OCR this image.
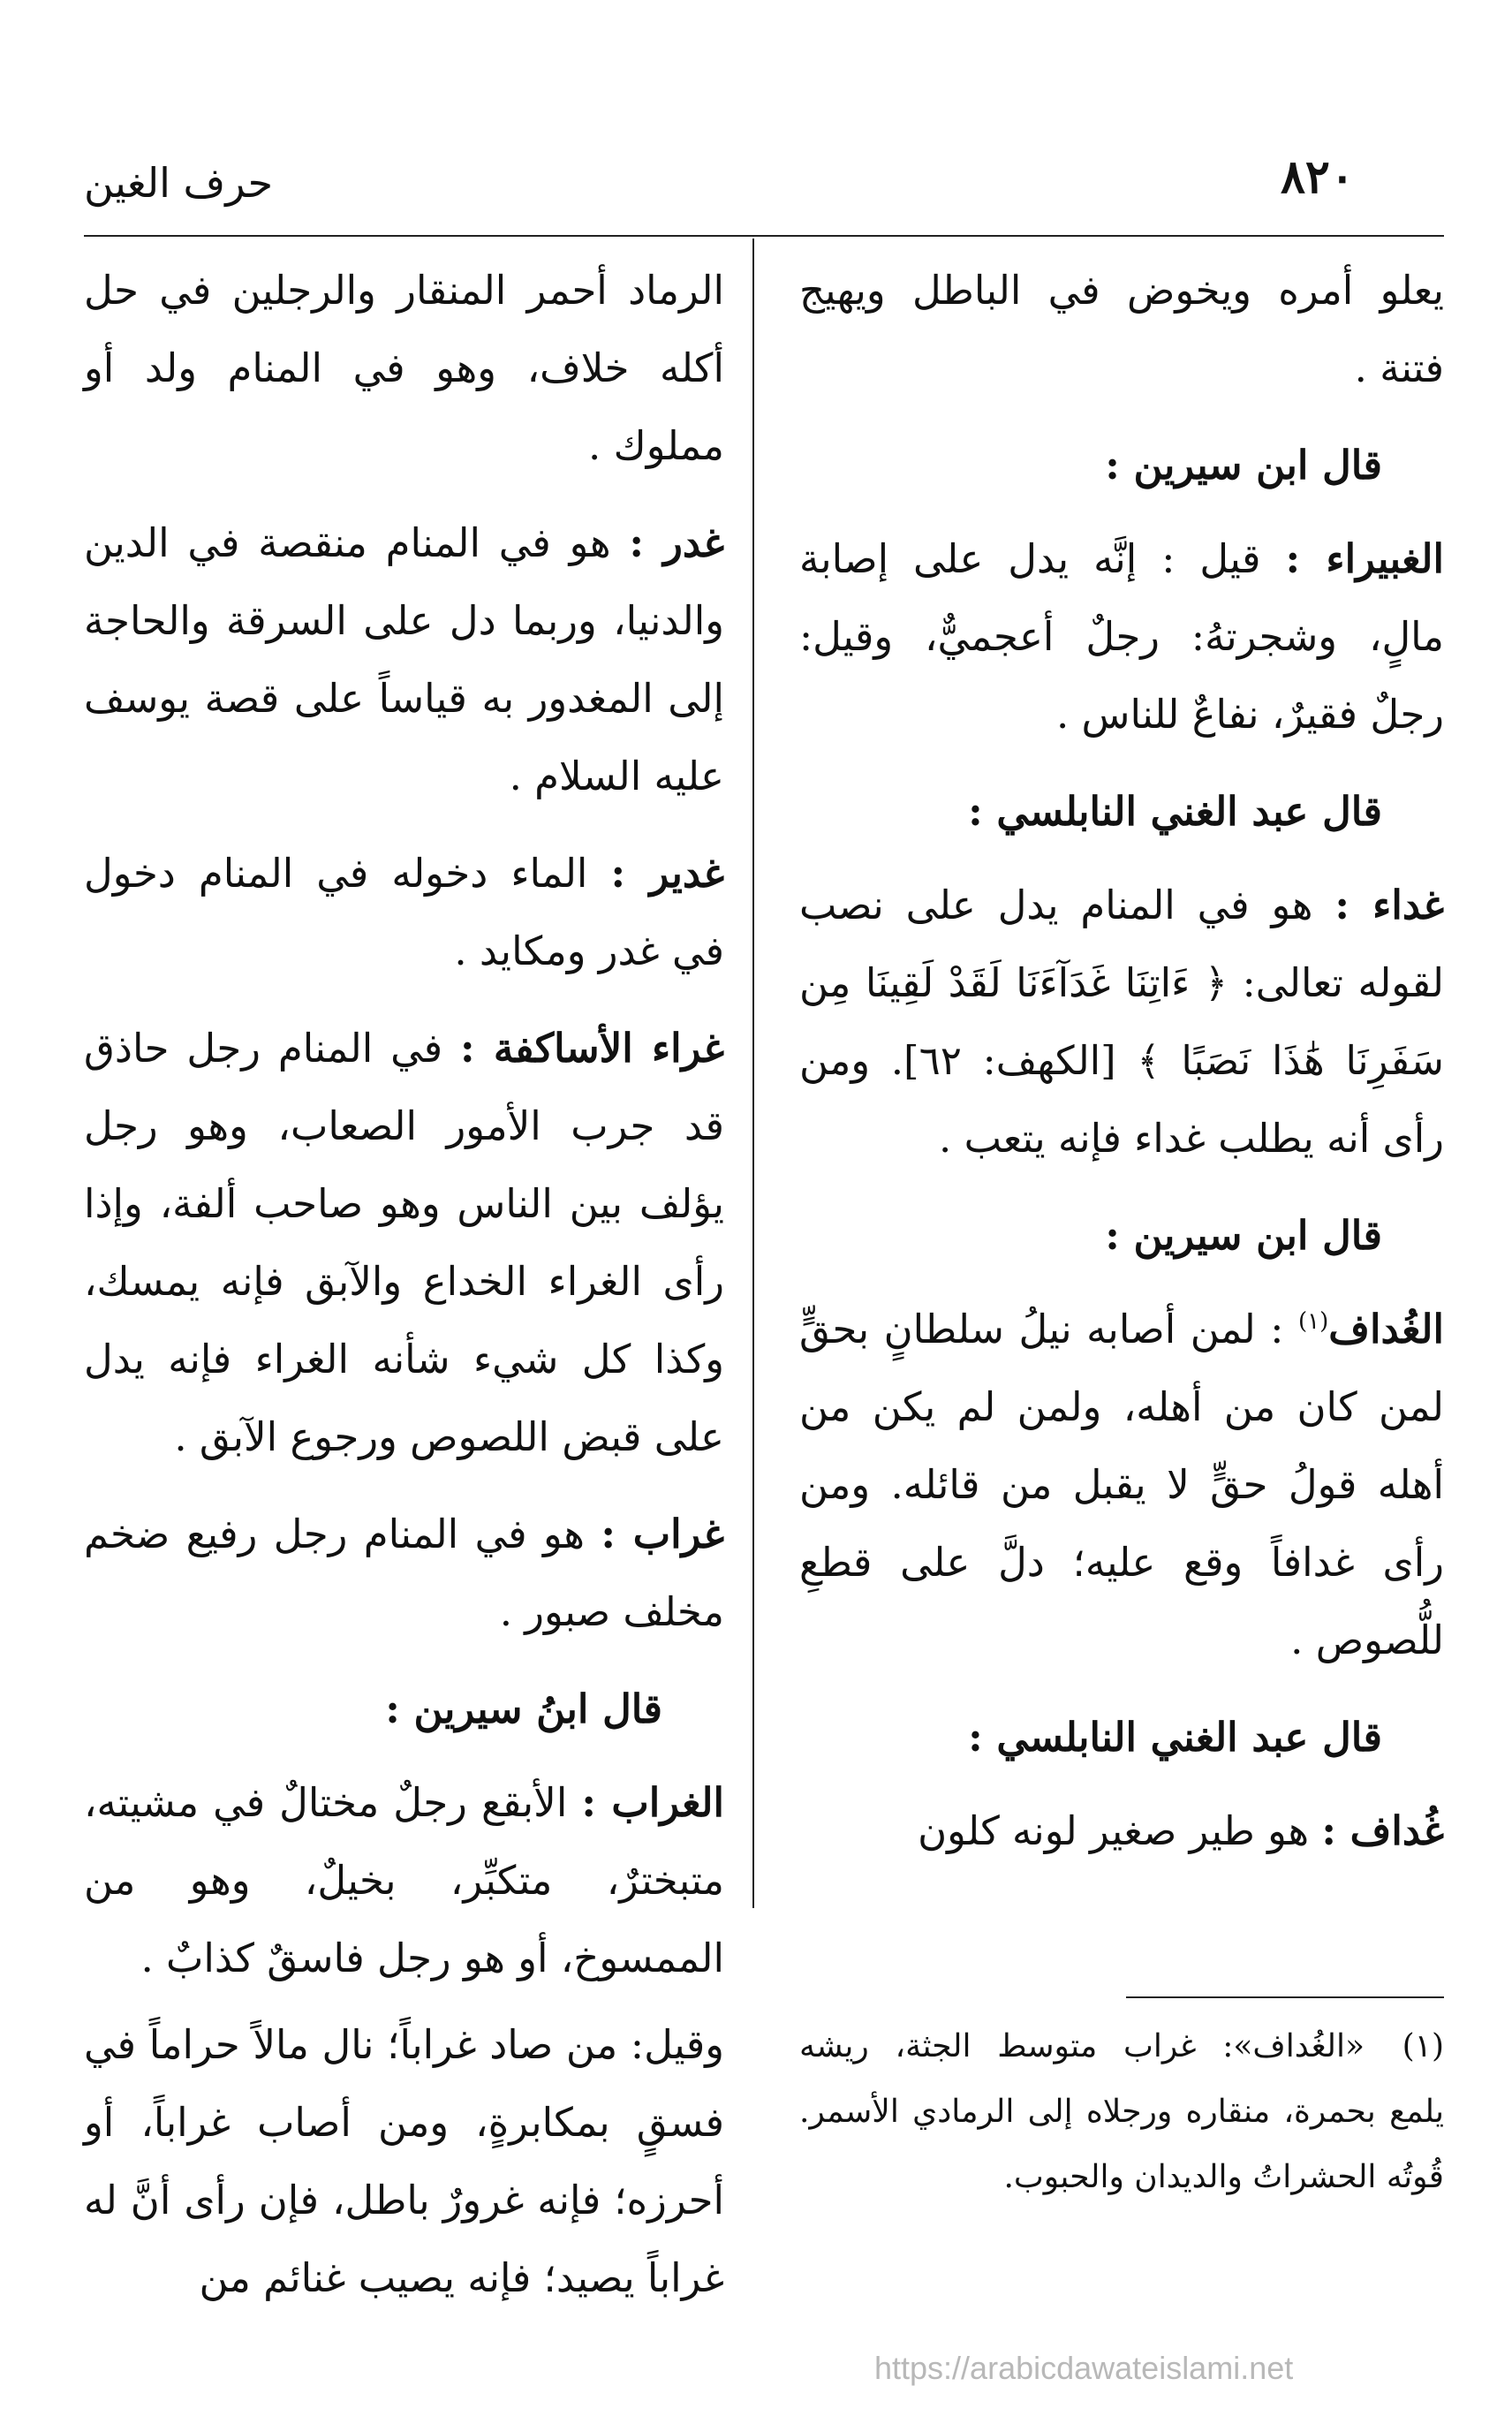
٨٢٠
حرف الغين

يعلو أمره ويخوض في الباطل ويهيج فتنة .

قال ابن سيرين :

الغبيراء : قيل : إنَّه يدل على إصابة مالٍ، وشجرتهُ: رجلٌ أعجميٌّ، وقيل: رجلٌ فقيرٌ، نفاعٌ للناس .

قال عبد الغني النابلسي :

غداء : هو في المنام يدل على نصب لقوله تعالى: ﴿ ءَاتِنَا غَدَآءَنَا لَقَدْ لَقِينَا مِن سَفَرِنَا هَٰذَا نَصَبًا ﴾ [الكهف: ٦٢]. ومن رأى أنه يطلب غداء فإنه يتعب .

قال ابن سيرين :

الغُداف$^{(١)}$ : لمن أصابه نيلُ سلطانٍ بحقٍّ لمن كان من أهله، ولمن لم يكن من أهله قولُ حقٍّ لا يقبل من قائله. ومن رأى غدافاً وقع عليه؛ دلَّ على قطعِ للُّصوص .

قال عبد الغني النابلسي :

غُداف : هو طير صغير لونه كلون

الرماد أحمر المنقار والرجلين في حل أكله خلاف، وهو في المنام ولد أو مملوك .

غدر : هو في المنام منقصة في الدين والدنيا، وربما دل على السرقة والحاجة إلى المغدور به قياساً على قصة يوسف عليه السلام .

غدير : الماء دخوله في المنام دخول في غدر ومكايد .

غراء الأساكفة : في المنام رجل حاذق قد جرب الأمور الصعاب، وهو رجل يؤلف بين الناس وهو صاحب ألفة، وإذا رأى الغراء الخداع والآبق فإنه يمسك، وكذا كل شيء شأنه الغراء فإنه يدل على قبض اللصوص ورجوع الآبق .

غراب : هو في المنام رجل رفيع ضخم مخلف صبور .

قال ابنُ سيرين :

الغراب : الأبقع رجلٌ مختالٌ في مشيته، متبخترٌ، متكبِّر، بخيلٌ، وهو من الممسوخ، أو هو رجل فاسقٌ كذابٌ .

وقيل: من صاد غراباً؛ نال مالاً حراماً في فسقٍ بمكابرةٍ، ومن أصاب غراباً، أو أحرزه؛ فإنه غرورٌ باطل، فإن رأى أنَّ له غراباً يصيد؛ فإنه يصيب غنائم من

(١)«الغُداف»: غراب متوسط الجثة، ريشه يلمع بحمرة، منقاره ورجلاه إلى الرمادي الأسمر. قُوتُه الحشراتُ والديدان والحبوب.
https://arabicdawateislami.net
